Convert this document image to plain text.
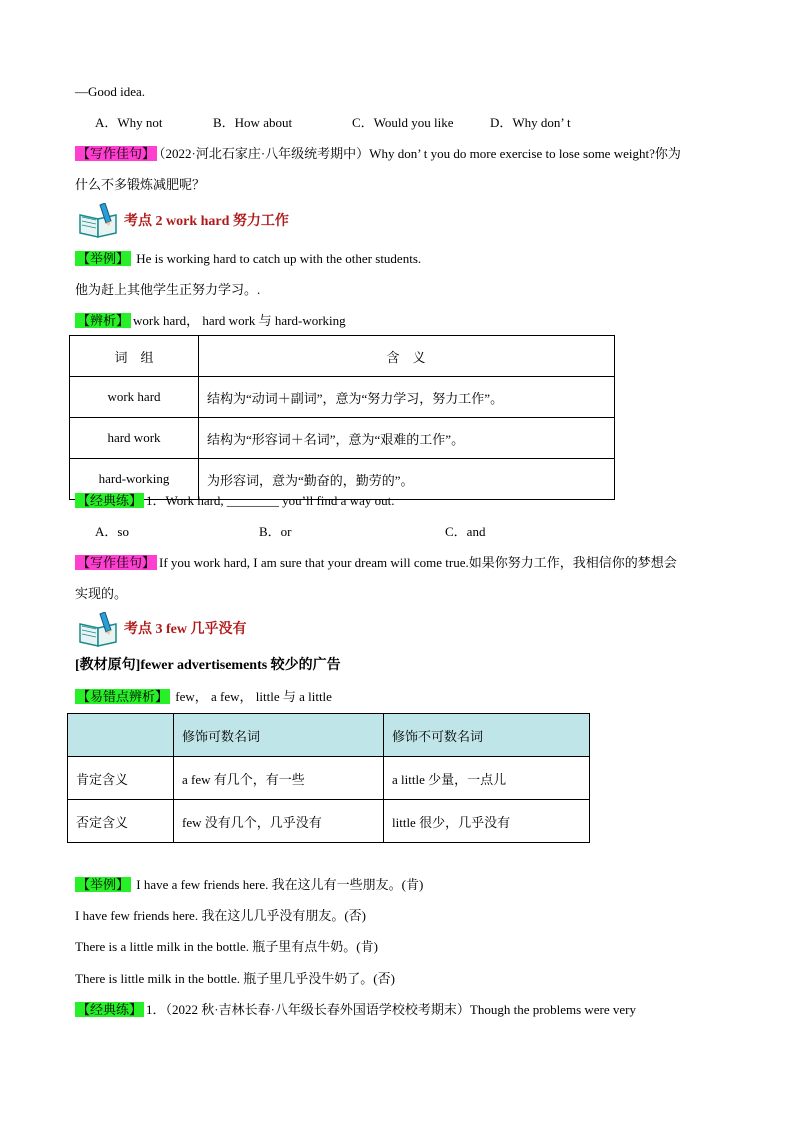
—Good idea.
A．Why not	B．How about	C．Would you like	D．Why don’ t
【写作佳句】 （2022·河北石家庄·八年级统考期中）Why don’ t you do more exercise to lose some weight?你为
什么不多锻炼减肥呢？
考点 2 work hard 努力工作
【举例】 He is working hard to catch up with the other students.
他为赶上其他学生正努力学习。.
【辨析】 work hard， hard work 与 hard-working
词　组	含　义
work hard	结构为“动词＋副词”，意为“努力学习，努力工作”。
hard work	结构为“形容词＋名词”，意为“艰难的工作”。
hard-working	为形容词，意为“勤奋的，勤劳的”。
【经典练】 1．Work hard, ________ you’ll find a way out.
A．so	B．or	C．and
【写作佳句】 If you work hard, I am sure that your dream will come true.如果你努力工作，我相信你的梦想会
实现的。
考点 3 few 几乎没有
[教材原句]fewer advertisements 较少的广告
【易错点辨析】 few， a few， little 与 a little
	修饰可数名词	修饰不可数名词
肯定含义	a few 有几个，有一些	a little 少量，一点儿
否定含义	few 没有几个，几乎没有	little 很少，几乎没有
【举例】 I have a few friends here. 我在这儿有一些朋友。(肯)
I have few friends here. 我在这儿几乎没有朋友。(否)
There is a little milk in the bottle. 瓶子里有点牛奶。(肯)
There is little milk in the bottle. 瓶子里几乎没牛奶了。(否)
【经典练】 1．（2022 秋·吉林长春·八年级长春外国语学校校考期末）Though the problems were very
